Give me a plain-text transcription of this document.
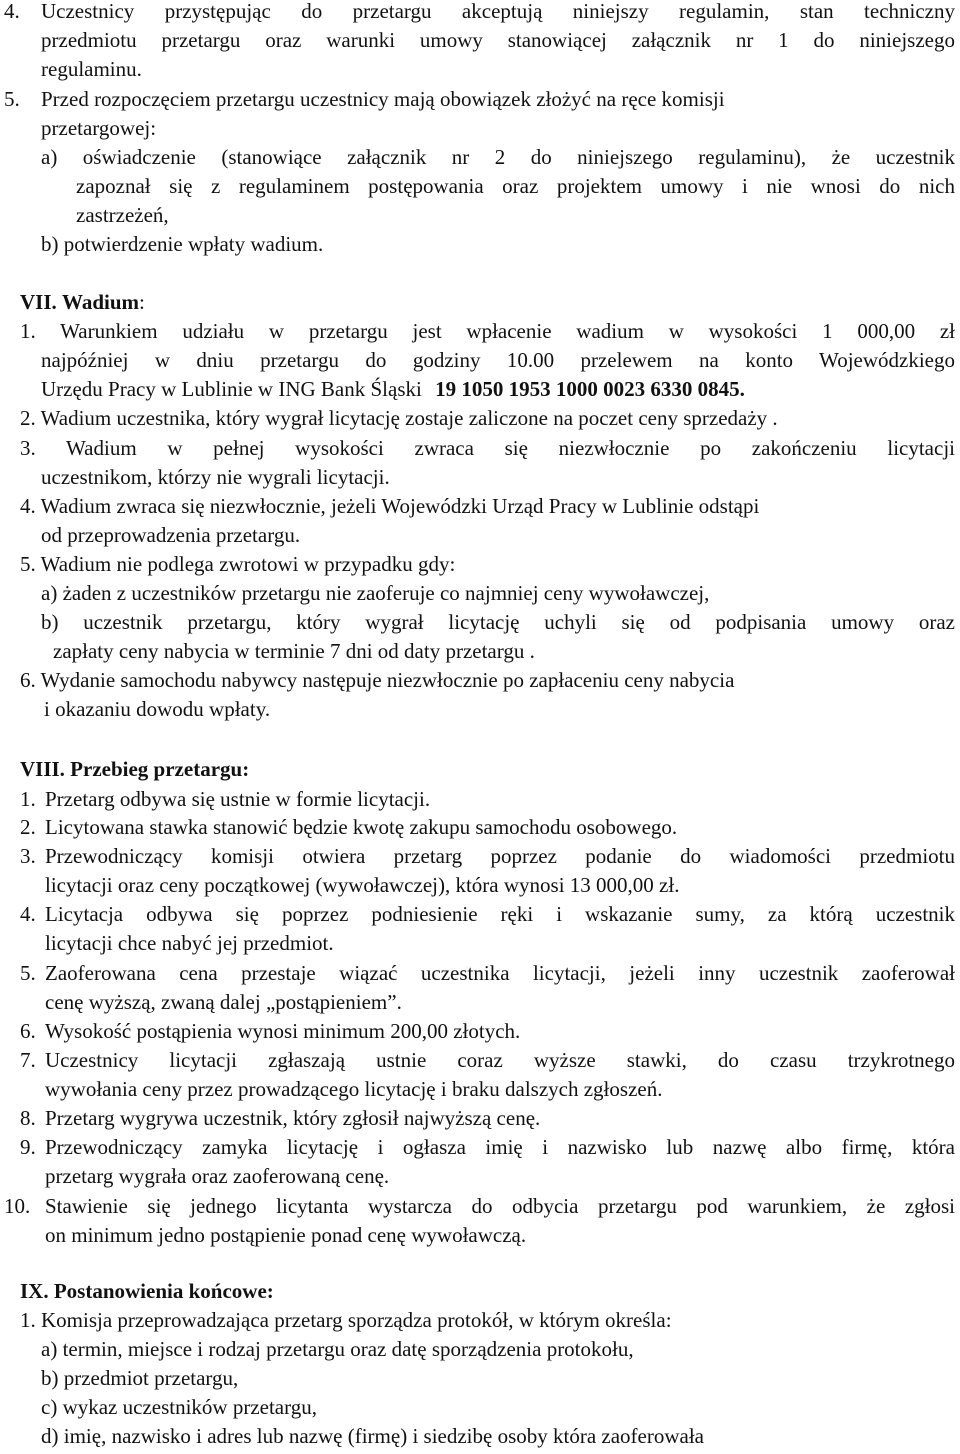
4. Uczestnicy przystępując do przetargu akceptują niniejszy regulamin, stan techniczny
przedmiotu przetargu oraz warunki umowy stanowiącej załącznik nr 1 do niniejszego
regulaminu.
5. Przed rozpoczęciem przetargu uczestnicy mają obowiązek złożyć na ręce komisji
przetargowej:
a) oświadczenie (stanowiące załącznik nr 2 do niniejszego regulaminu), że uczestnik
zapoznał się z regulaminem postępowania oraz projektem umowy i nie wnosi do nich
zastrzeżeń,
b) potwierdzenie wpłaty wadium.
VII. Wadium:
1. Warunkiem udziału w przetargu jest wpłacenie wadium w wysokości 1 000,00 zł
najpóźniej w dniu przetargu do godziny 10.00 przelewem na konto Wojewódzkiego
Urzędu Pracy w Lublinie w ING Bank Śląski 19 1050 1953 1000 0023 6330 0845.
2. Wadium uczestnika, który wygrał licytację zostaje zaliczone na poczet ceny sprzedaży .
3. Wadium w pełnej wysokości zwraca się niezwłocznie po zakończeniu licytacji
uczestnikom, którzy nie wygrali licytacji.
4. Wadium zwraca się niezwłocznie, jeżeli Wojewódzki Urząd Pracy w Lublinie odstąpi
od przeprowadzenia przetargu.
5. Wadium nie podlega zwrotowi w przypadku gdy:
a) żaden z uczestników przetargu nie zaoferuje co najmniej ceny wywoławczej,
b) uczestnik przetargu, który wygrał licytację uchyli się od podpisania umowy oraz
zapłaty ceny nabycia w terminie 7 dni od daty przetargu .
6. Wydanie samochodu nabywcy następuje niezwłocznie po zapłaceniu ceny nabycia
i okazaniu dowodu wpłaty.
VIII. Przebieg przetargu:
1. Przetarg odbywa się ustnie w formie licytacji.
2. Licytowana stawka stanowić będzie kwotę zakupu samochodu osobowego.
3. Przewodniczący komisji otwiera przetarg poprzez podanie do wiadomości przedmiotu
licytacji oraz ceny początkowej (wywoławczej), która wynosi 13 000,00 zł.
4. Licytacja odbywa się poprzez podniesienie ręki i wskazanie sumy, za którą uczestnik
licytacji chce nabyć jej przedmiot.
5. Zaoferowana cena przestaje wiązać uczestnika licytacji, jeżeli inny uczestnik zaoferował
cenę wyższą, zwaną dalej „postąpieniem”.
6. Wysokość postąpienia wynosi minimum 200,00 złotych.
7. Uczestnicy licytacji zgłaszają ustnie coraz wyższe stawki, do czasu trzykrotnego
wywołania ceny przez prowadzącego licytację i braku dalszych zgłoszeń.
8. Przetarg wygrywa uczestnik, który zgłosił najwyższą cenę.
9. Przewodniczący zamyka licytację i ogłasza imię i nazwisko lub nazwę albo firmę, która
przetarg wygrała oraz zaoferowaną cenę.
10. Stawienie się jednego licytanta wystarcza do odbycia przetargu pod warunkiem, że zgłosi
on minimum jedno postąpienie ponad cenę wywoławczą.
IX. Postanowienia końcowe:
1. Komisja przeprowadzająca przetarg sporządza protokół, w którym określa:
a) termin, miejsce i rodzaj przetargu oraz datę sporządzenia protokołu,
b) przedmiot przetargu,
c) wykaz uczestników przetargu,
d) imię, nazwisko i adres lub nazwę (firmę) i siedzibę osoby która zaoferowała
